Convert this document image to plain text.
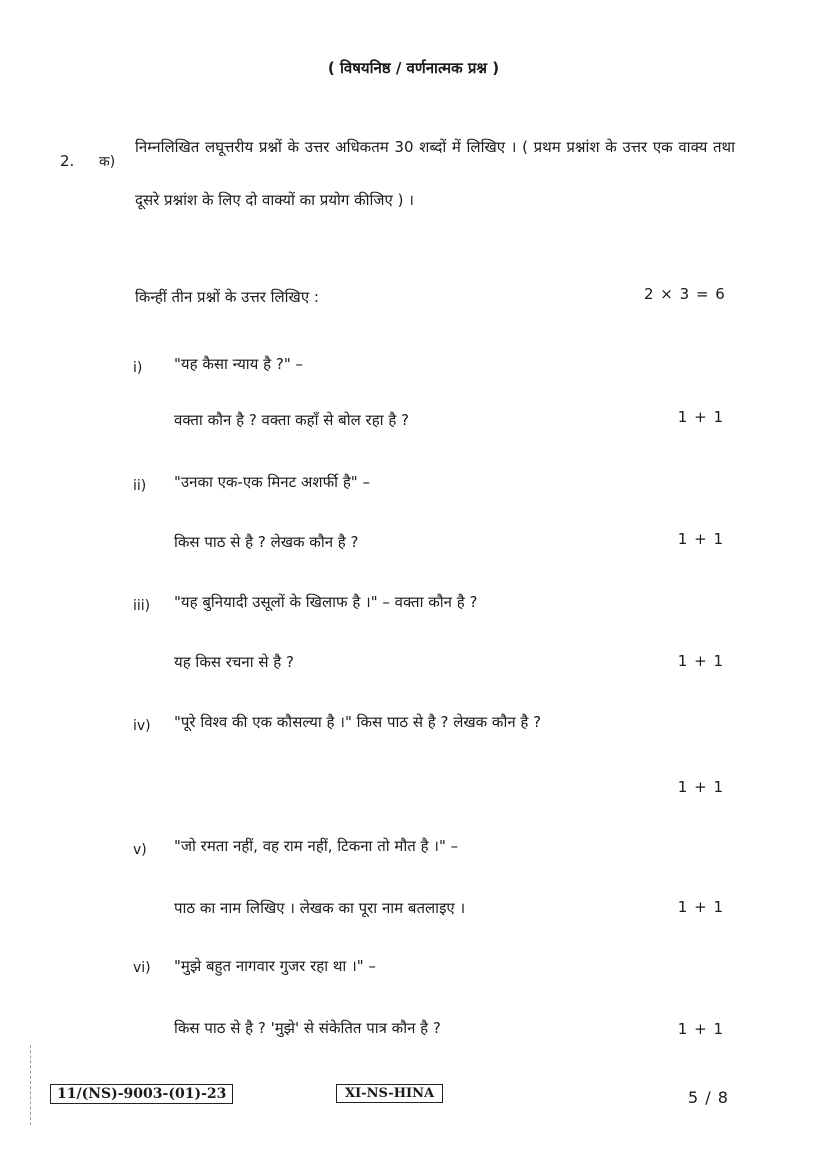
( विषयनिष्ठ / वर्णनात्मक प्रश्न )
2. क)
निम्नलिखित लघूत्तरीय प्रश्नों के उत्तर अधिकतम 30 शब्दों में लिखिए । ( प्रथम प्रश्नांश के उत्तर एक वाक्य तथा दूसरे प्रश्नांश के लिए दो वाक्यों का प्रयोग कीजिए ) ।
किन्हीं तीन प्रश्नों के उत्तर लिखिए :	2 × 3 = 6
i) "यह कैसा न्याय है ?" –
वक्ता कौन है ? वक्ता कहाँ से बोल रहा है ?	1 + 1
ii) "उनका एक-एक मिनट अशर्फी है" –
किस पाठ से है ? लेखक कौन है ?	1 + 1
iii) "यह बुनियादी उसूलों के खिलाफ है ।" – वक्ता कौन है ?
यह किस रचना से है ?	1 + 1
iv) "पूरे विश्व की एक कौसल्या है ।" किस पाठ से है ? लेखक कौन है ?
1 + 1
v) "जो रमता नहीं, वह राम नहीं, टिकना तो मौत है ।" –
पाठ का नाम लिखिए । लेखक का पूरा नाम बतलाइए ।	1 + 1
vi) "मुझे बहुत नागवार गुजर रहा था ।" –
किस पाठ से है ? 'मुझे' से संकेतित पात्र कौन है ?	1 + 1
11/(NS)-9003-(01)-23	XI-NS-HINA	5 / 8
